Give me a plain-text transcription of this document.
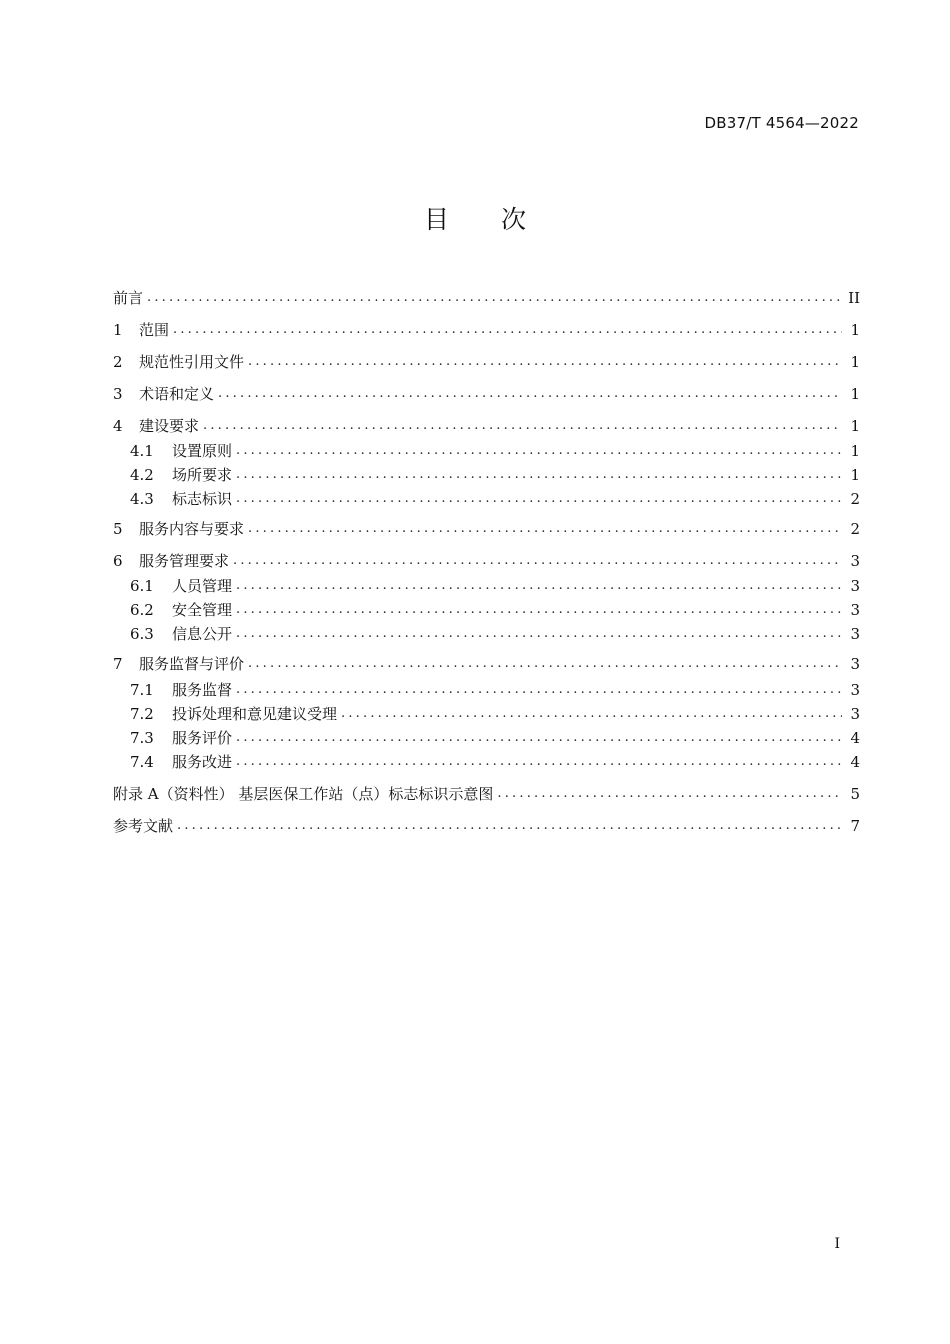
DB37/T 4564—2022
目 次
前言 .....	II
1	范围 .....	1
2	规范性引用文件 .....	1
3	术语和定义 .....	1
4	建设要求 .....	1
4.1	设置原则 .....	1
4.2	场所要求 .....	1
4.3	标志标识 .....	2
5	服务内容与要求 .....	2
6	服务管理要求 .....	3
6.1	人员管理 .....	3
6.2	安全管理 .....	3
6.3	信息公开 .....	3
7	服务监督与评价 .....	3
7.1	服务监督 .....	3
7.2	投诉处理和意见建议受理 .....	3
7.3	服务评价 .....	4
7.4	服务改进 .....	4
附录 A（资料性） 基层医保工作站（点）标志标识示意图 .....	5
参考文献 .....	7
I
